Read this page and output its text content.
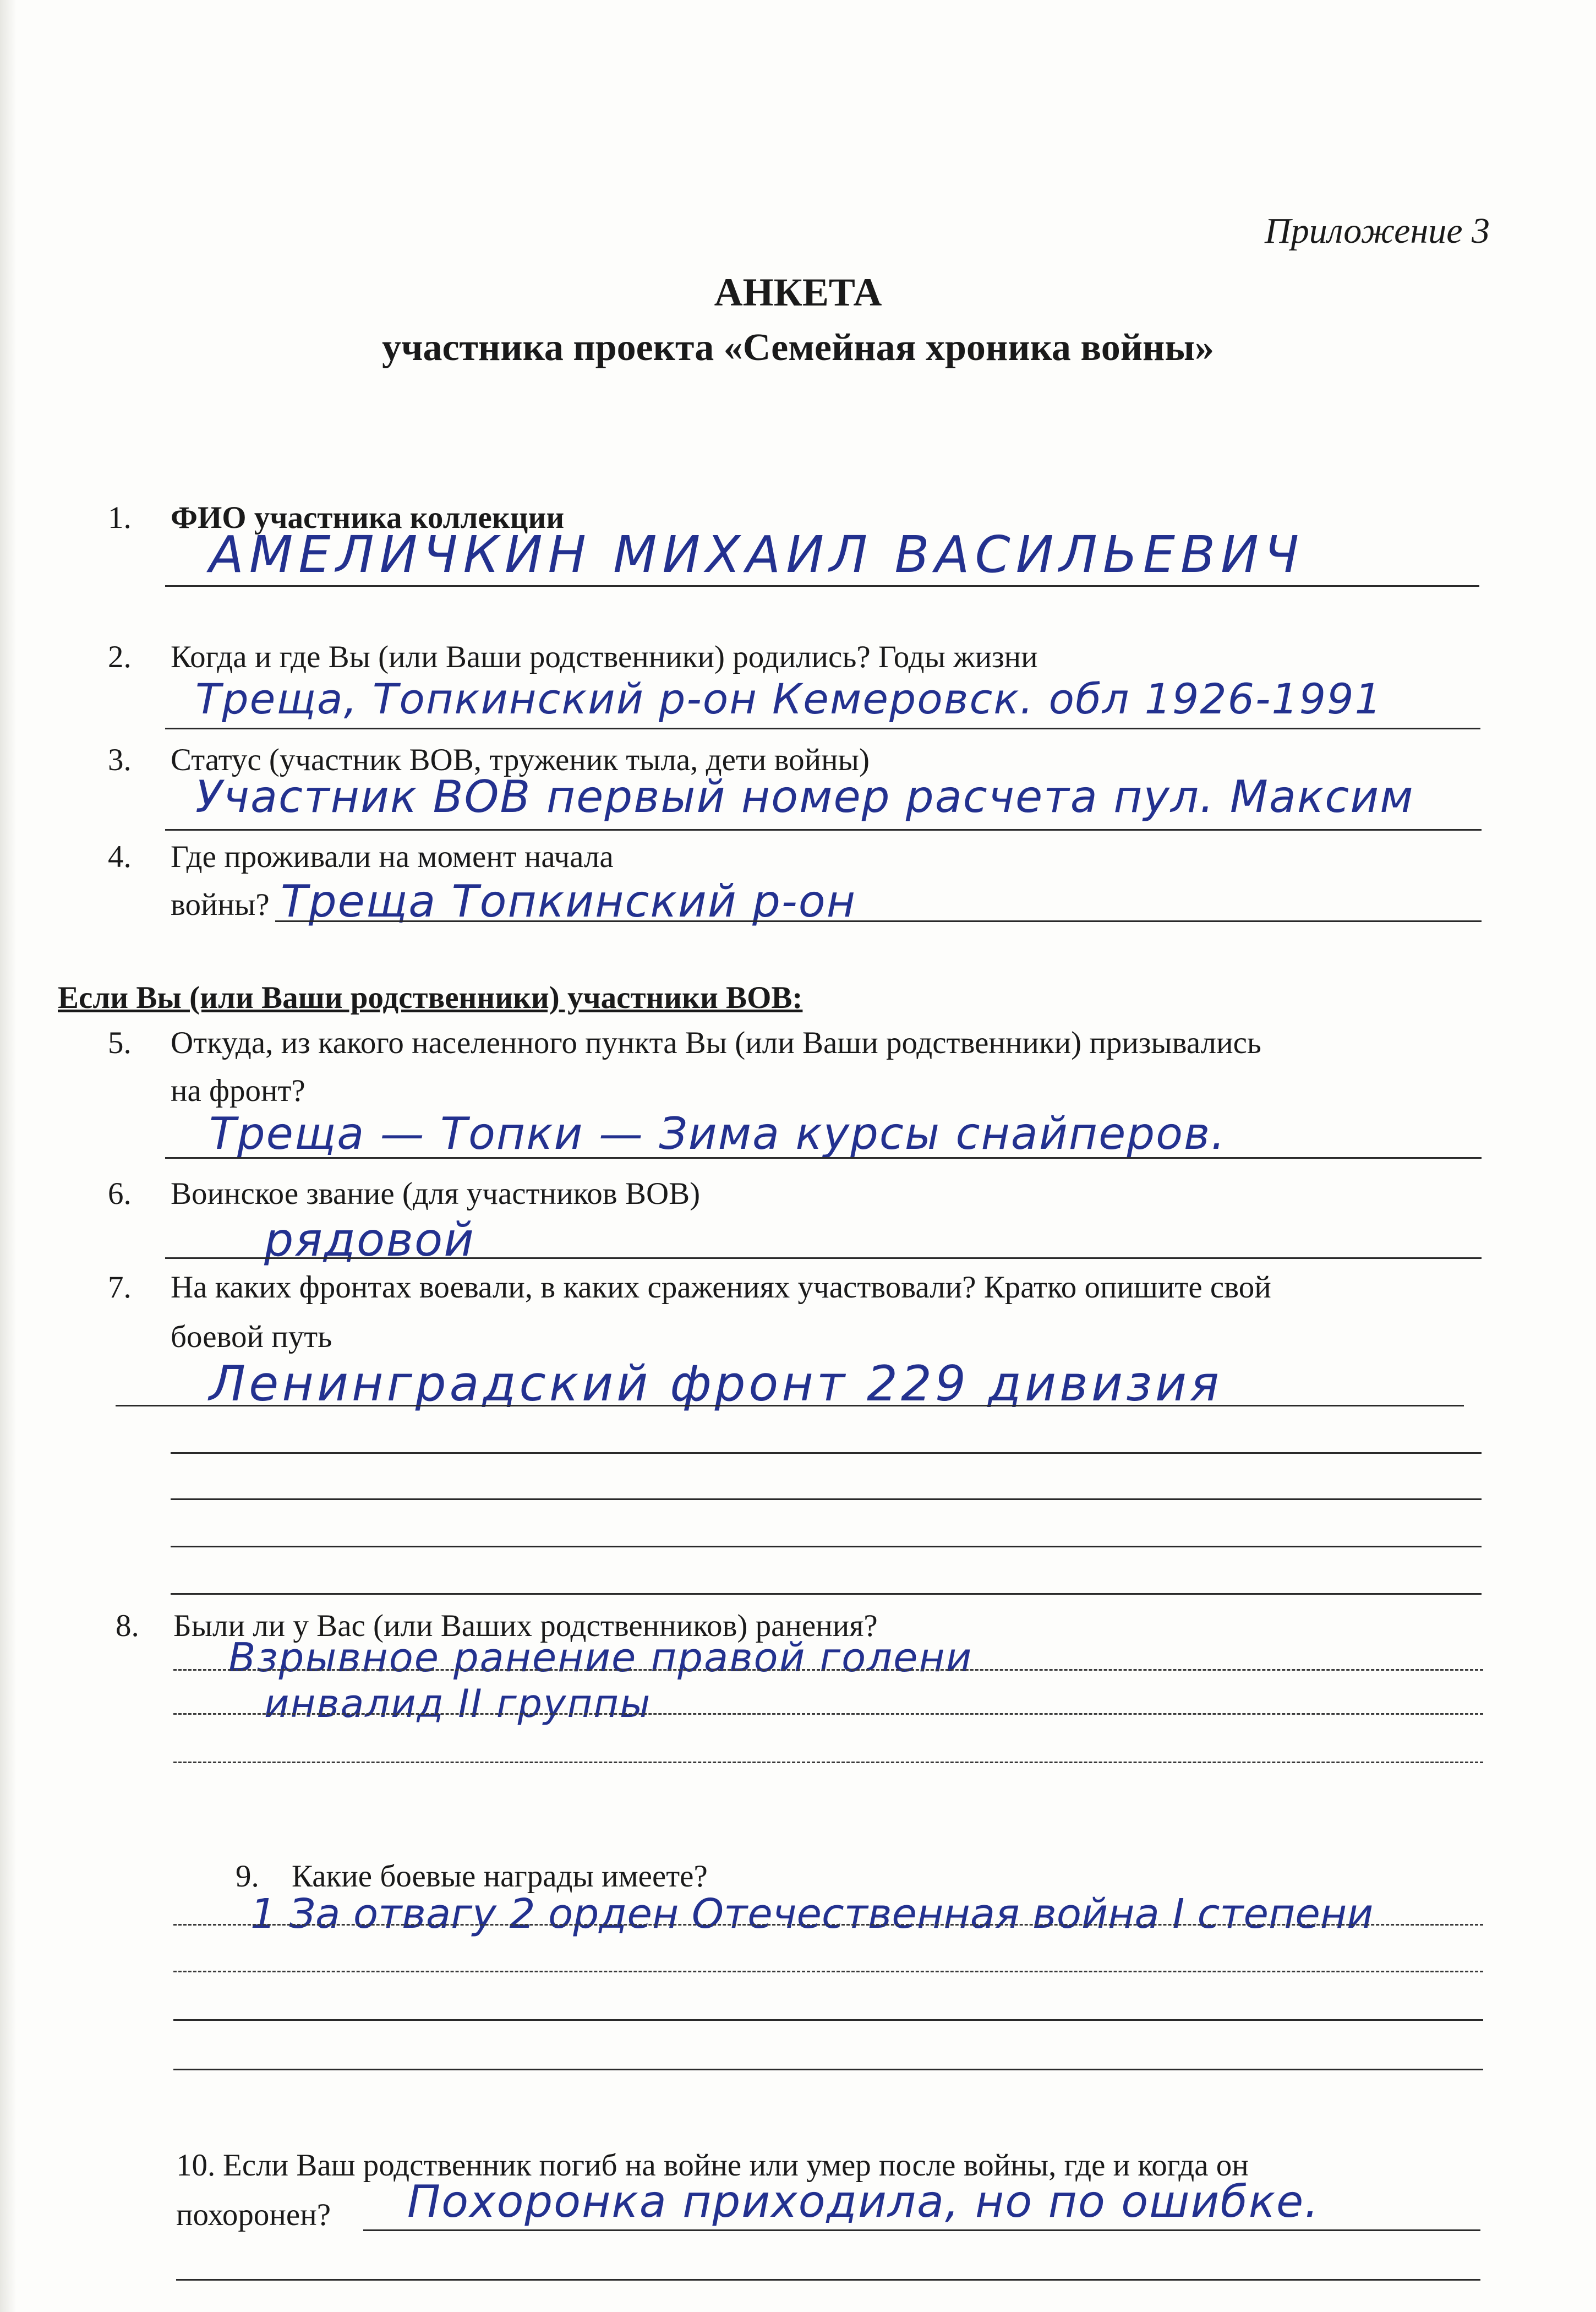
Приложение 3
АНКЕТА
участника проекта «Семейная хроника войны»
1. ФИО участника коллекции
АМЕЛИЧКИН МИХАИЛ ВАСИЛЬЕВИЧ
2. Когда и где Вы (или Ваши родственники) родились? Годы жизни
Треща, Топкинский р-он Кемеровск. обл 1926-1991
3. Статус (участник ВОВ, труженик тыла, дети войны)
Участник ВОВ первый номер расчета пул. Максим
4. Где проживали на момент начала
войны? Треща Топкинский р-он
Если Вы (или Ваши родственники) участники ВОВ:
5. Откуда, из какого населенного пункта Вы (или Ваши родственники) призывались
на фронт?
Треща — Топки — Зима курсы снайперов.
6. Воинское звание (для участников ВОВ)
рядовой
7. На каких фронтах воевали, в каких сражениях участвовали? Кратко опишите свой
боевой путь
Ленинградский фронт 229 дивизия
8. Были ли у Вас (или Ваших родственников) ранения?
Взрывное ранение правой голени
инвалид II группы
9. Какие боевые награды имеете?
1 За отвагу 2 орден Отечественная война I степени
10. Если Ваш родственник погиб на войне или умер после войны, где и когда он
похоронен? Похоронка приходила, но по ошибке.
